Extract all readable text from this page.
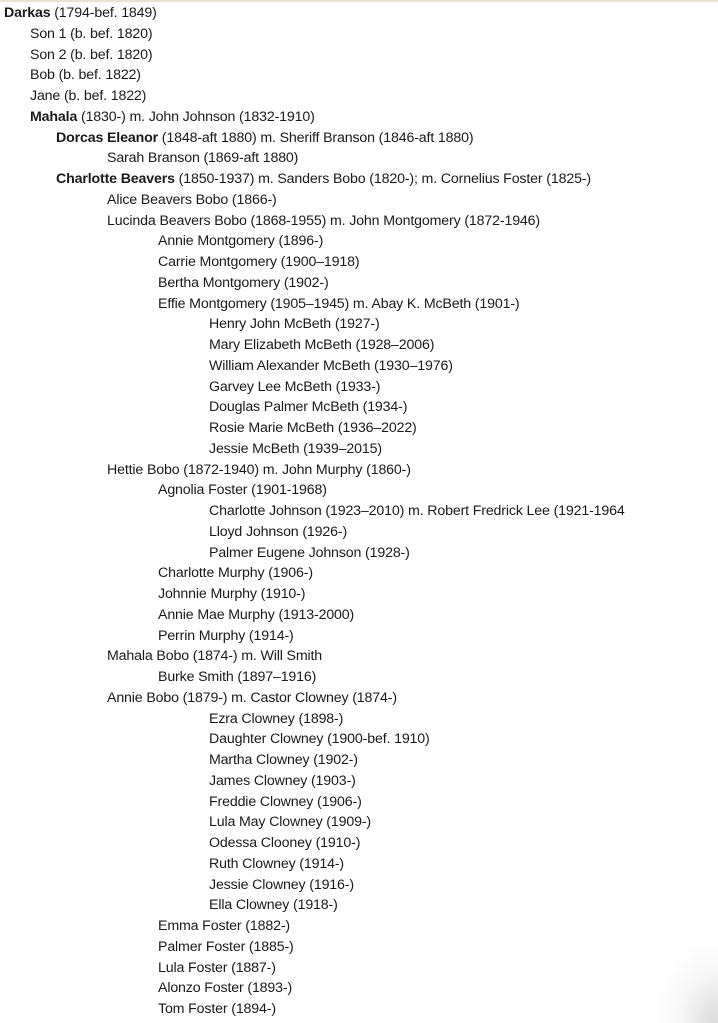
Darkas (1794-bef. 1849)
Son 1 (b. bef. 1820)
Son 2 (b. bef. 1820)
Bob (b. bef. 1822)
Jane (b. bef. 1822)
Mahala (1830-) m. John Johnson (1832-1910)
Dorcas Eleanor (1848-aft 1880) m. Sheriff Branson (1846-aft 1880)
Sarah Branson (1869-aft 1880)
Charlotte Beavers (1850-1937) m. Sanders Bobo (1820-); m. Cornelius Foster (1825-)
Alice Beavers Bobo (1866-)
Lucinda Beavers Bobo (1868-1955) m. John Montgomery (1872-1946)
Annie Montgomery (1896-)
Carrie Montgomery (1900–1918)
Bertha Montgomery (1902-)
Effie Montgomery (1905–1945) m. Abay K. McBeth (1901-)
Henry John McBeth (1927-)
Mary Elizabeth McBeth (1928–2006)
William Alexander McBeth (1930–1976)
Garvey Lee McBeth (1933-)
Douglas Palmer McBeth (1934-)
Rosie Marie McBeth (1936–2022)
Jessie McBeth (1939–2015)
Hettie Bobo (1872-1940) m. John Murphy (1860-)
Agnolia Foster (1901-1968)
Charlotte Johnson (1923–2010) m. Robert Fredrick Lee (1921-1964
Lloyd Johnson (1926-)
Palmer Eugene Johnson (1928-)
Charlotte Murphy (1906-)
Johnnie Murphy (1910-)
Annie Mae Murphy (1913-2000)
Perrin Murphy (1914-)
Mahala Bobo (1874-) m. Will Smith
Burke Smith (1897–1916)
Annie Bobo (1879-) m. Castor Clowney (1874-)
Ezra Clowney (1898-)
Daughter Clowney (1900-bef. 1910)
Martha Clowney (1902-)
James Clowney (1903-)
Freddie Clowney (1906-)
Lula May Clowney (1909-)
Odessa Clooney (1910-)
Ruth Clowney (1914-)
Jessie Clowney (1916-)
Ella Clowney (1918-)
Emma Foster (1882-)
Palmer Foster (1885-)
Lula Foster (1887-)
Alonzo Foster (1893-)
Tom Foster (1894-)
